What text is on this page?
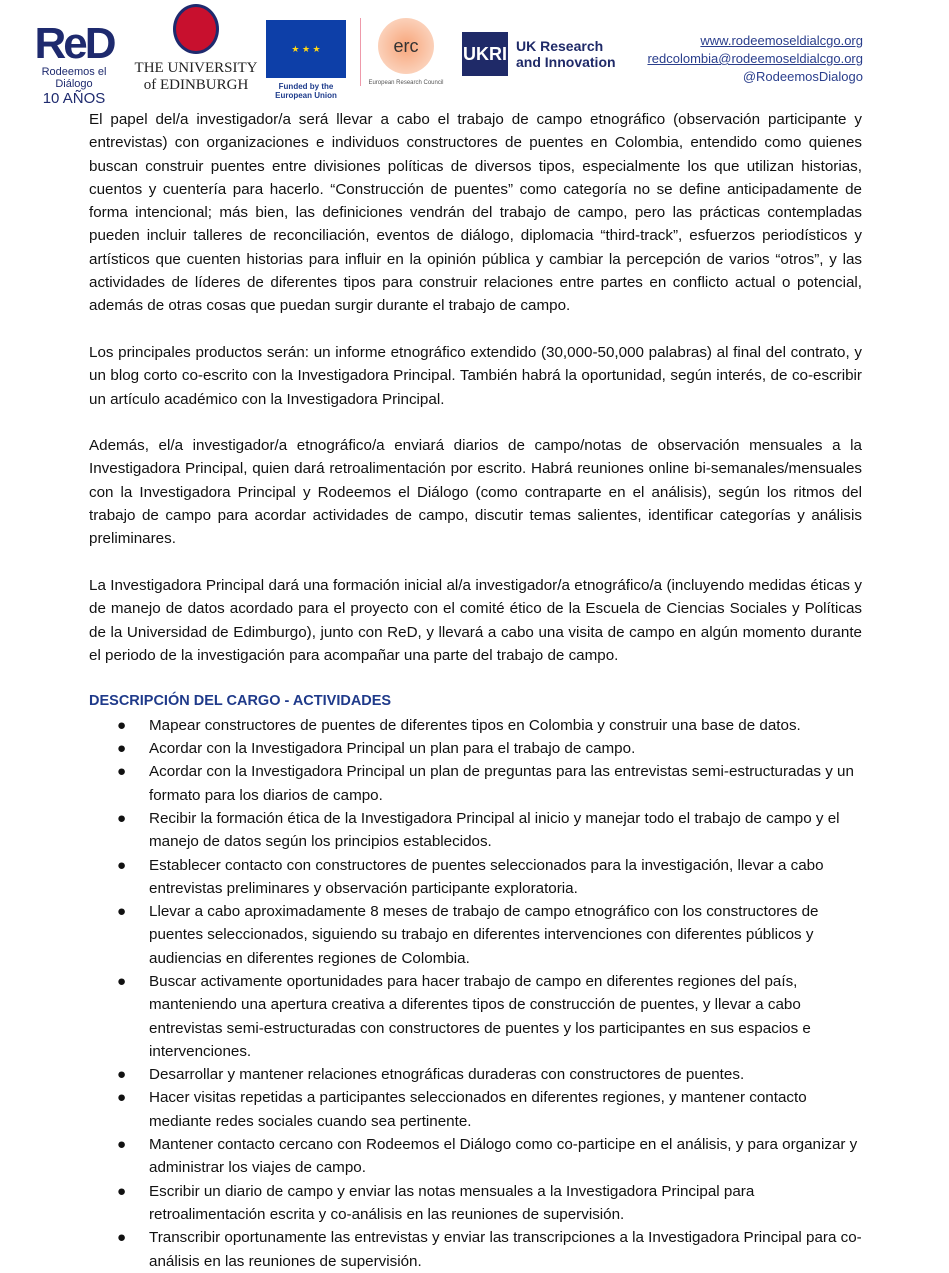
ReD
Rodeemos el Diálogo
10 AÑOS
THE UNIVERSITY
of EDINBURGH
★ ★ ★
Funded by the European Union
erc
European Research Council
UKRI UK Research and Innovation
www.rodeemoseldialcgo.org
redcolombia@rodeemoseldialcgo.org
@RodeemosDialogo

El papel del/a investigador/a será llevar a cabo el trabajo de campo etnográfico (observación participante y entrevistas) con organizaciones e individuos constructores de puentes en Colombia, entendido como quienes buscan construir puentes entre divisiones políticas de diversos tipos, especialmente los que utilizan historias, cuentos y cuentería para hacerlo. “Construcción de puentes” como categoría no se define anticipadamente de forma intencional; más bien, las definiciones vendrán del trabajo de campo, pero las prácticas contempladas pueden incluir talleres de reconciliación, eventos de diálogo, diplomacia “third-track”, esfuerzos periodísticos y artísticos que cuenten historias para influir en la opinión pública y cambiar la percepción de varios “otros”, y las actividades de líderes de diferentes tipos para construir relaciones entre partes en conflicto actual o potencial, además de otras cosas que puedan surgir durante el trabajo de campo.

Los principales productos serán: un informe etnográfico extendido (30,000-50,000 palabras) al final del contrato, y un blog corto co-escrito con la Investigadora Principal. También habrá la oportunidad, según interés, de co-escribir un artículo académico con la Investigadora Principal.

Además, el/a investigador/a etnográfico/a enviará diarios de campo/notas de observación mensuales a la Investigadora Principal, quien dará retroalimentación por escrito. Habrá reuniones online bi-semanales/mensuales con la Investigadora Principal y Rodeemos el Diálogo (como contraparte en el análisis), según los ritmos del trabajo de campo para acordar actividades de campo, discutir temas salientes, identificar categorías y análisis preliminares.

La Investigadora Principal dará una formación inicial al/a investigador/a etnográfico/a (incluyendo medidas éticas y de manejo de datos acordado para el proyecto con el comité ético de la Escuela de Ciencias Sociales y Políticas de la Universidad de Edimburgo), junto con ReD, y llevará a cabo una visita de campo en algún momento durante el periodo de la investigación para acompañar una parte del trabajo de campo.

DESCRIPCIÓN DEL CARGO - ACTIVIDADES
● Mapear constructores de puentes de diferentes tipos en Colombia y construir una base de datos.
● Acordar con la Investigadora Principal un plan para el trabajo de campo.
● Acordar con la Investigadora Principal un plan de preguntas para las entrevistas semi-estructuradas y un formato para los diarios de campo.
● Recibir la formación ética de la Investigadora Principal al inicio y manejar todo el trabajo de campo y el manejo de datos según los principios establecidos.
● Establecer contacto con constructores de puentes seleccionados para la investigación, llevar a cabo entrevistas preliminares y observación participante exploratoria.
● Llevar a cabo aproximadamente 8 meses de trabajo de campo etnográfico con los constructores de puentes seleccionados, siguiendo su trabajo en diferentes intervenciones con diferentes públicos y audiencias en diferentes regiones de Colombia.
● Buscar activamente oportunidades para hacer trabajo de campo en diferentes regiones del país, manteniendo una apertura creativa a diferentes tipos de construcción de puentes, y llevar a cabo entrevistas semi-estructuradas con constructores de puentes y los participantes en sus espacios e intervenciones.
● Desarrollar y mantener relaciones etnográficas duraderas con constructores de puentes.
● Hacer visitas repetidas a participantes seleccionados en diferentes regiones, y mantener contacto mediante redes sociales cuando sea pertinente.
● Mantener contacto cercano con Rodeemos el Diálogo como co-participe en el análisis, y para organizar y administrar los viajes de campo.
● Escribir un diario de campo y enviar las notas mensuales a la Investigadora Principal para retroalimentación escrita y co-análisis en las reuniones de supervisión.
● Transcribir oportunamente las entrevistas y enviar las transcripciones a la Investigadora Principal para co-análisis en las reuniones de supervisión.
